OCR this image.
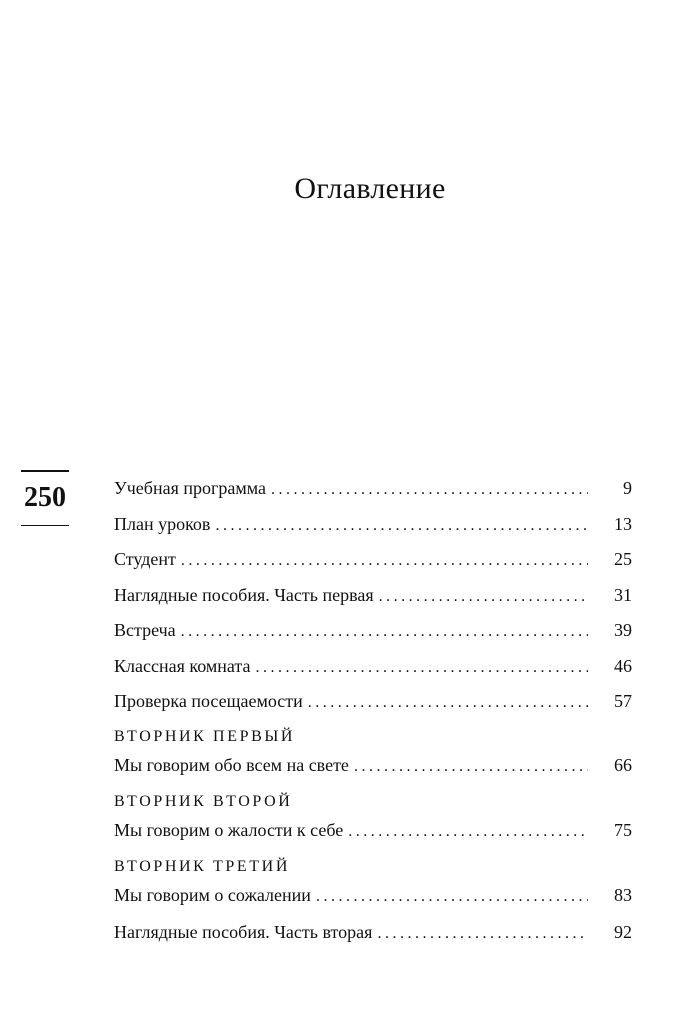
Оглавление
250	Учебная программа . . .	9
План уроков . . .	13
Студент . . .	25
Наглядные пособия. Часть первая . . .	31
Встреча . . .	39
Классная комната . . .	46
Проверка посещаемости . . .	57
ВТОРНИК ПЕРВЫЙ
Мы говорим обо всем на свете . . .	66
ВТОРНИК ВТОРОЙ
Мы говорим о жалости к себе . . .	75
ВТОРНИК ТРЕТИЙ
Мы говорим о сожалении . . .	83
Наглядные пособия. Часть вторая . . .	92
